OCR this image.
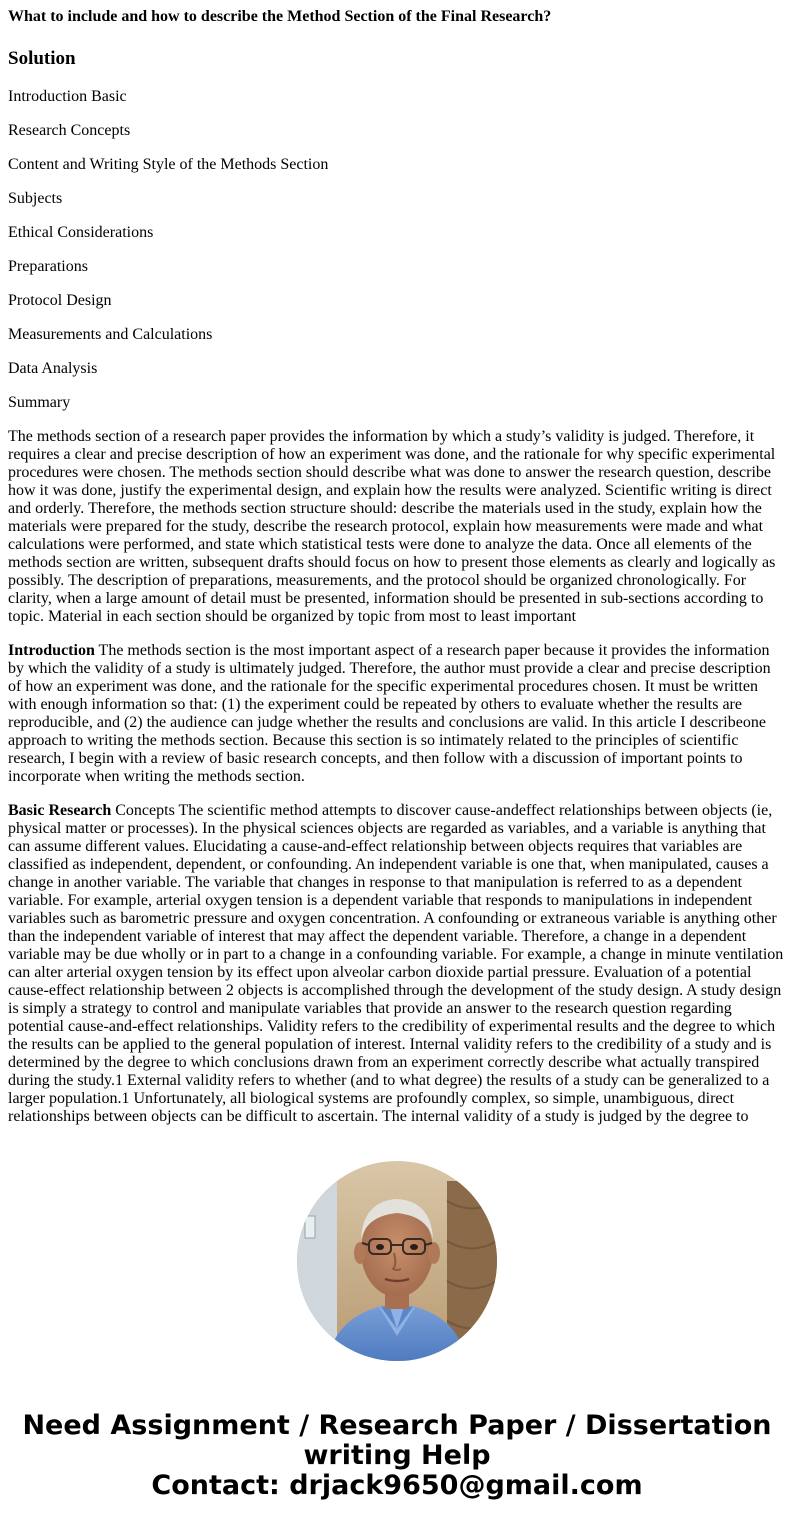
What to include and how to describe the Method Section of the Final Research?
Solution
Introduction Basic
Research Concepts
Content and Writing Style of the Methods Section
Subjects
Ethical Considerations
Preparations
Protocol Design
Measurements and Calculations
Data Analysis
Summary

The methods section of a research paper provides the information by which a study’s validity is judged. Therefore, it requires a clear and precise description of how an experiment was done, and the rationale for why specific experimental procedures were chosen. The methods section should describe what was done to answer the research question, describe how it was done, justify the experimental design, and explain how the results were analyzed. Scientific writing is direct and orderly. Therefore, the methods section structure should: describe the materials used in the study, explain how the materials were prepared for the study, describe the research protocol, explain how measurements were made and what calculations were performed, and state which statistical tests were done to analyze the data. Once all elements of the methods section are written, subsequent drafts should focus on how to present those elements as clearly and logically as possibly. The description of preparations, measurements, and the protocol should be organized chronologically. For clarity, when a large amount of detail must be presented, information should be presented in sub-sections according to topic. Material in each section should be organized by topic from most to least important

Introduction The methods section is the most important aspect of a research paper because it provides the information by which the validity of a study is ultimately judged. Therefore, the author must provide a clear and precise description of how an experiment was done, and the rationale for the specific experimental procedures chosen. It must be written with enough information so that: (1) the experiment could be repeated by others to evaluate whether the results are reproducible, and (2) the audience can judge whether the results and conclusions are valid. In this article I describeone approach to writing the methods section. Because this section is so intimately related to the principles of scientific research, I begin with a review of basic research concepts, and then follow with a discussion of important points to incorporate when writing the methods section.

Basic Research Concepts The scientific method attempts to discover cause-andeffect relationships between objects (ie, physical matter or processes). In the physical sciences objects are regarded as variables, and a variable is anything that can assume different values. Elucidating a cause-and-effect relationship between objects requires that variables are classified as independent, dependent, or confounding. An independent variable is one that, when manipulated, causes a change in another variable. The variable that changes in response to that manipulation is referred to as a dependent variable. For example, arterial oxygen tension is a dependent variable that responds to manipulations in independent variables such as barometric pressure and oxygen concentration. A confounding or extraneous variable is anything other than the independent variable of interest that may affect the dependent variable. Therefore, a change in a dependent variable may be due wholly or in part to a change in a confounding variable. For example, a change in minute ventilation can alter arterial oxygen tension by its effect upon alveolar carbon dioxide partial pressure. Evaluation of a potential cause-effect relationship between 2 objects is accomplished through the development of the study design. A study design is simply a strategy to control and manipulate variables that provide an answer to the research question regarding potential cause-and-effect relationships. Validity refers to the credibility of experimental results and the degree to which the results can be applied to the general population of interest. Internal validity refers to the credibility of a study and is determined by the degree to which conclusions drawn from an experiment correctly describe what actually transpired during the study.1 External validity refers to whether (and to what degree) the results of a study can be generalized to a larger population.1 Unfortunately, all biological systems are profoundly complex, so simple, unambiguous, direct relationships between objects can be difficult to ascertain. The internal validity of a study is judged by the degree to

Need Assignment / Research Paper / Dissertation
writing Help
Contact: drjack9650@gmail.com
